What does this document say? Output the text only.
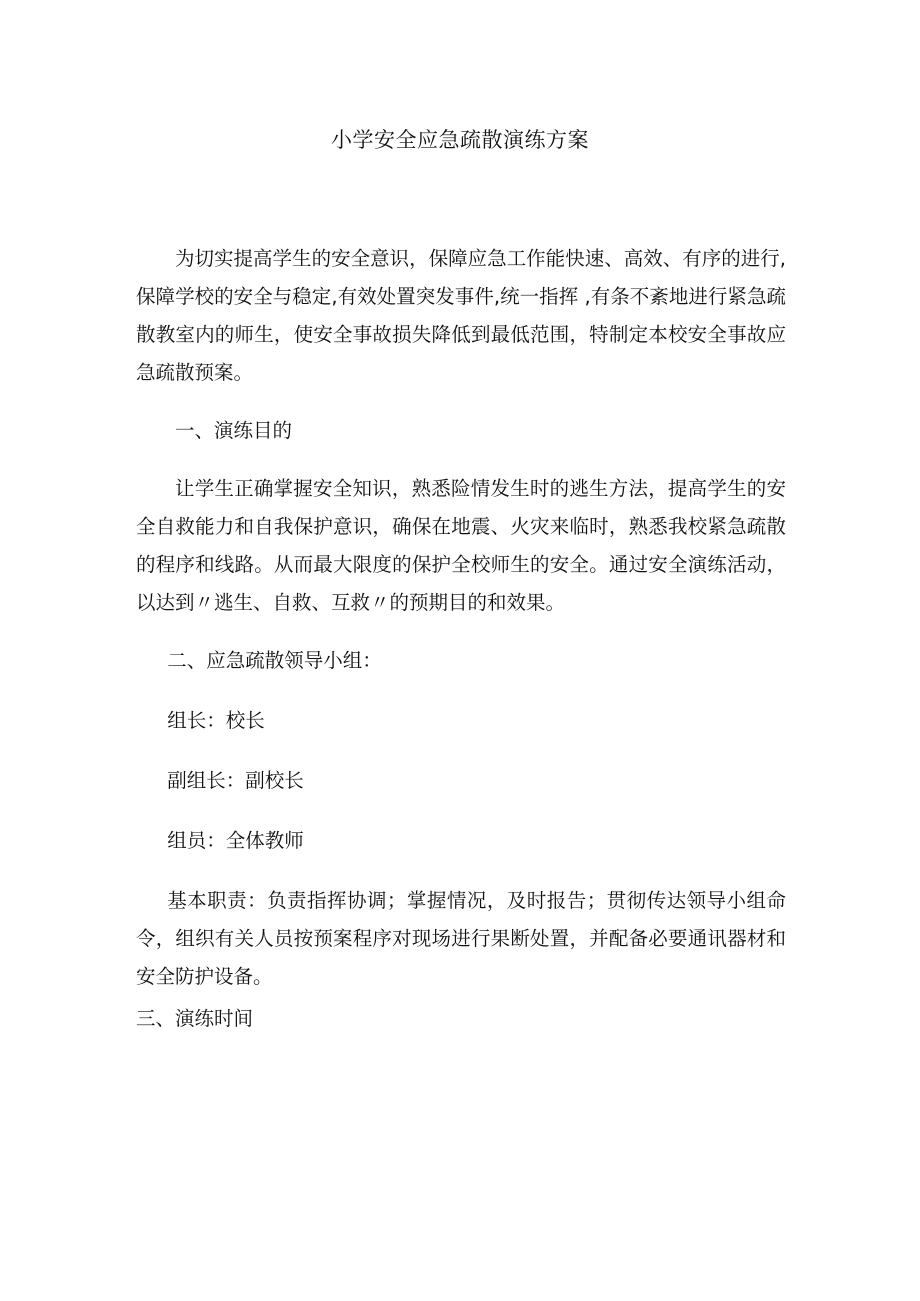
小学安全应急疏散演练方案

为切实提高学生的安全意识，保障应急工作能快速、高效、有序的进行,保障学校的安全与稳定,有效处置突发事件,统一指挥 ,有条不紊地进行紧急疏散教室内的师生，使安全事故损失降低到最低范围，特制定本校安全事故应急疏散预案。

一、演练目的

让学生正确掌握安全知识，熟悉险情发生时的逃生方法，提高学生的安全自救能力和自我保护意识，确保在地震、火灾来临时，熟悉我校紧急疏散的程序和线路。从而最大限度的保护全校师生的安全。通过安全演练活动，以达到〃逃生、自救、互救〃的预期目的和效果。

二、应急疏散领导小组：

组长：校长

副组长：副校长

组员：全体教师

基本职责：负责指挥协调；掌握情况，及时报告；贯彻传达领导小组命令，组织有关人员按预案程序对现场进行果断处置，并配备必要通讯器材和安全防护设备。

三、演练时间
